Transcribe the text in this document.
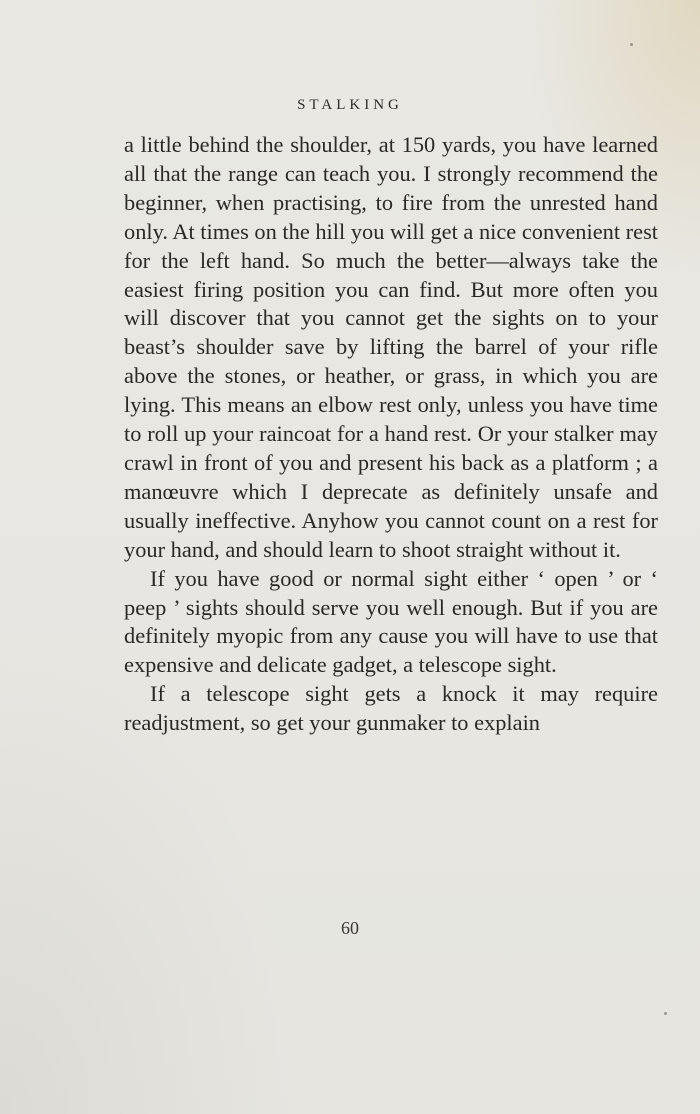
STALKING

a little behind the shoulder, at 150 yards, you have learned all that the range can teach you. I strongly recommend the beginner, when practising, to fire from the unrested hand only. At times on the hill you will get a nice convenient rest for the left hand. So much the better—always take the easiest firing position you can find. But more often you will discover that you cannot get the sights on to your beast’s shoulder save by lifting the barrel of your rifle above the stones, or heather, or grass, in which you are lying. This means an elbow rest only, unless you have time to roll up your raincoat for a hand rest. Or your stalker may crawl in front of you and present his back as a platform ; a manœuvre which I deprecate as definitely unsafe and usually ineffective. Anyhow you cannot count on a rest for your hand, and should learn to shoot straight without it.

If you have good or normal sight either ‘ open ’ or ‘ peep ’ sights should serve you well enough. But if you are definitely myopic from any cause you will have to use that expensive and delicate gadget, a telescope sight.

If a telescope sight gets a knock it may require readjustment, so get your gunmaker to explain

60
